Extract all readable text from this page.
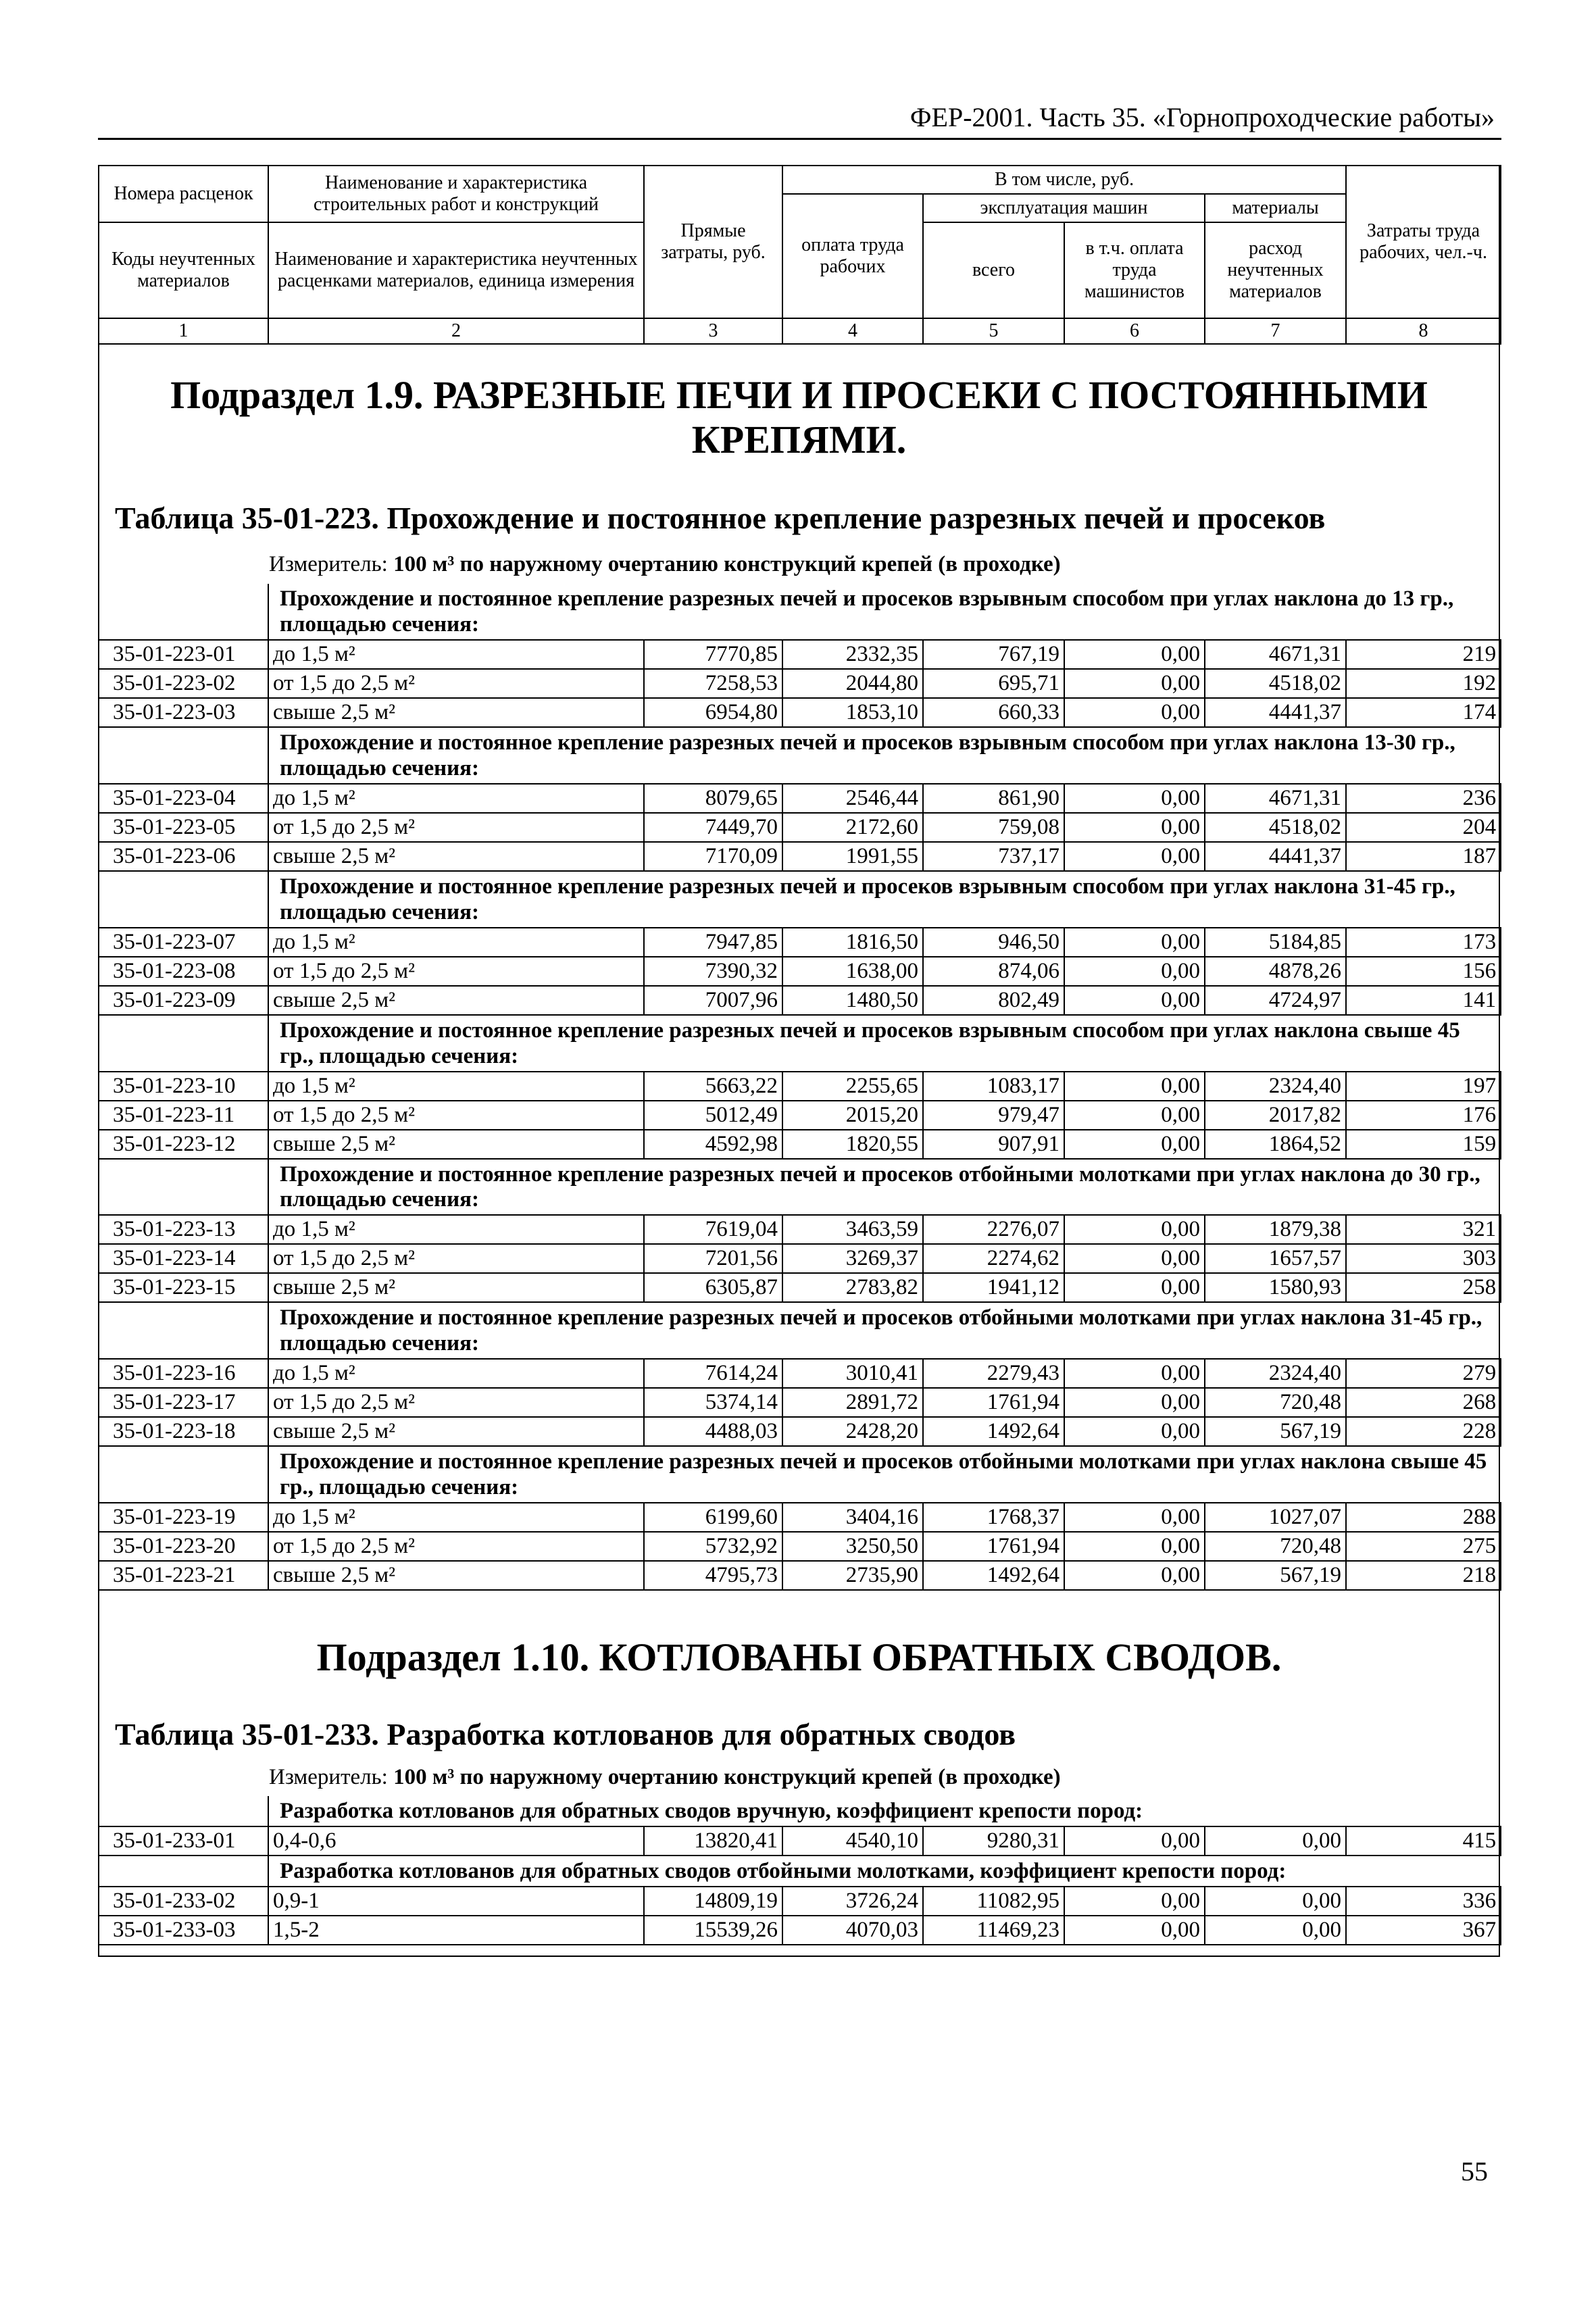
ФЕР-2001. Часть 35. «Горнопроходческие работы»
Номера расценок	Наименование и характеристика строительных работ и конструкций	Прямые затраты, руб.	В том числе, руб.				Затраты труда рабочих, чел.-ч.
			оплата труда рабочих	эксплуатация машин		материалы	
Коды неучтенных материалов	Наименование и характеристика неучтенных расценками материалов, единица измерения			всего	в т.ч. оплата труда машинистов	расход неучтенных материалов	

1	2	3	4	5	6	7	8
Подраздел 1.9. РАЗРЕЗНЫЕ ПЕЧИ И ПРОСЕКИ С ПОСТОЯННЫМИ КРЕПЯМИ.
Таблица 35-01-223. Прохождение и постоянное крепление разрезных печей и просеков
Измеритель: 100 м³ по наружному очертанию конструкций крепей (в проходке)
	Прохождение и постоянное крепление разрезных печей и просеков взрывным способом при углах наклона до 13 гр., площадью сечения:						
35-01-223-01	до 1,5 м²	7770,85	2332,35	767,19	0,00	4671,31	219
35-01-223-02	от 1,5 до 2,5 м²	7258,53	2044,80	695,71	0,00	4518,02	192
35-01-223-03	свыше 2,5 м²	6954,80	1853,10	660,33	0,00	4441,37	174
	Прохождение и постоянное крепление разрезных печей и просеков взрывным способом при углах наклона 13-30 гр., площадью сечения:						
35-01-223-04	до 1,5 м²	8079,65	2546,44	861,90	0,00	4671,31	236
35-01-223-05	от 1,5 до 2,5 м²	7449,70	2172,60	759,08	0,00	4518,02	204
35-01-223-06	свыше 2,5 м²	7170,09	1991,55	737,17	0,00	4441,37	187
	Прохождение и постоянное крепление разрезных печей и просеков взрывным способом при углах наклона 31-45 гр., площадью сечения:						
35-01-223-07	до 1,5 м²	7947,85	1816,50	946,50	0,00	5184,85	173
35-01-223-08	от 1,5 до 2,5 м²	7390,32	1638,00	874,06	0,00	4878,26	156
35-01-223-09	свыше 2,5 м²	7007,96	1480,50	802,49	0,00	4724,97	141
	Прохождение и постоянное крепление разрезных печей и просеков взрывным способом при углах наклона свыше 45 гр., площадью сечения:						
35-01-223-10	до 1,5 м²	5663,22	2255,65	1083,17	0,00	2324,40	197
35-01-223-11	от 1,5 до 2,5 м²	5012,49	2015,20	979,47	0,00	2017,82	176
35-01-223-12	свыше 2,5 м²	4592,98	1820,55	907,91	0,00	1864,52	159
	Прохождение и постоянное крепление разрезных печей и просеков отбойными молотками при углах наклона до 30 гр., площадью сечения:						
35-01-223-13	до 1,5 м²	7619,04	3463,59	2276,07	0,00	1879,38	321
35-01-223-14	от 1,5 до 2,5 м²	7201,56	3269,37	2274,62	0,00	1657,57	303
35-01-223-15	свыше 2,5 м²	6305,87	2783,82	1941,12	0,00	1580,93	258
	Прохождение и постоянное крепление разрезных печей и просеков отбойными молотками при углах наклона 31-45 гр., площадью сечения:						
35-01-223-16	до 1,5 м²	7614,24	3010,41	2279,43	0,00	2324,40	279
35-01-223-17	от 1,5 до 2,5 м²	5374,14	2891,72	1761,94	0,00	720,48	268
35-01-223-18	свыше 2,5 м²	4488,03	2428,20	1492,64	0,00	567,19	228
	Прохождение и постоянное крепление разрезных печей и просеков отбойными молотками при углах наклона свыше 45 гр., площадью сечения:						
35-01-223-19	до 1,5 м²	6199,60	3404,16	1768,37	0,00	1027,07	288
35-01-223-20	от 1,5 до 2,5 м²	5732,92	3250,50	1761,94	0,00	720,48	275
35-01-223-21	свыше 2,5 м²	4795,73	2735,90	1492,64	0,00	567,19	218
Подраздел 1.10. КОТЛОВАНЫ ОБРАТНЫХ СВОДОВ.
Таблица 35-01-233. Разработка котлованов для обратных сводов
Измеритель: 100 м³ по наружному очертанию конструкций крепей (в проходке)
	Разработка котлованов для обратных сводов вручную, коэффициент крепости пород:						
35-01-233-01	0,4-0,6	13820,41	4540,10	9280,31	0,00	0,00	415
	Разработка котлованов для обратных сводов отбойными молотками, коэффициент крепости пород:						
35-01-233-02	0,9-1	14809,19	3726,24	11082,95	0,00	0,00	336
35-01-233-03	1,5-2	15539,26	4070,03	11469,23	0,00	0,00	367
55
